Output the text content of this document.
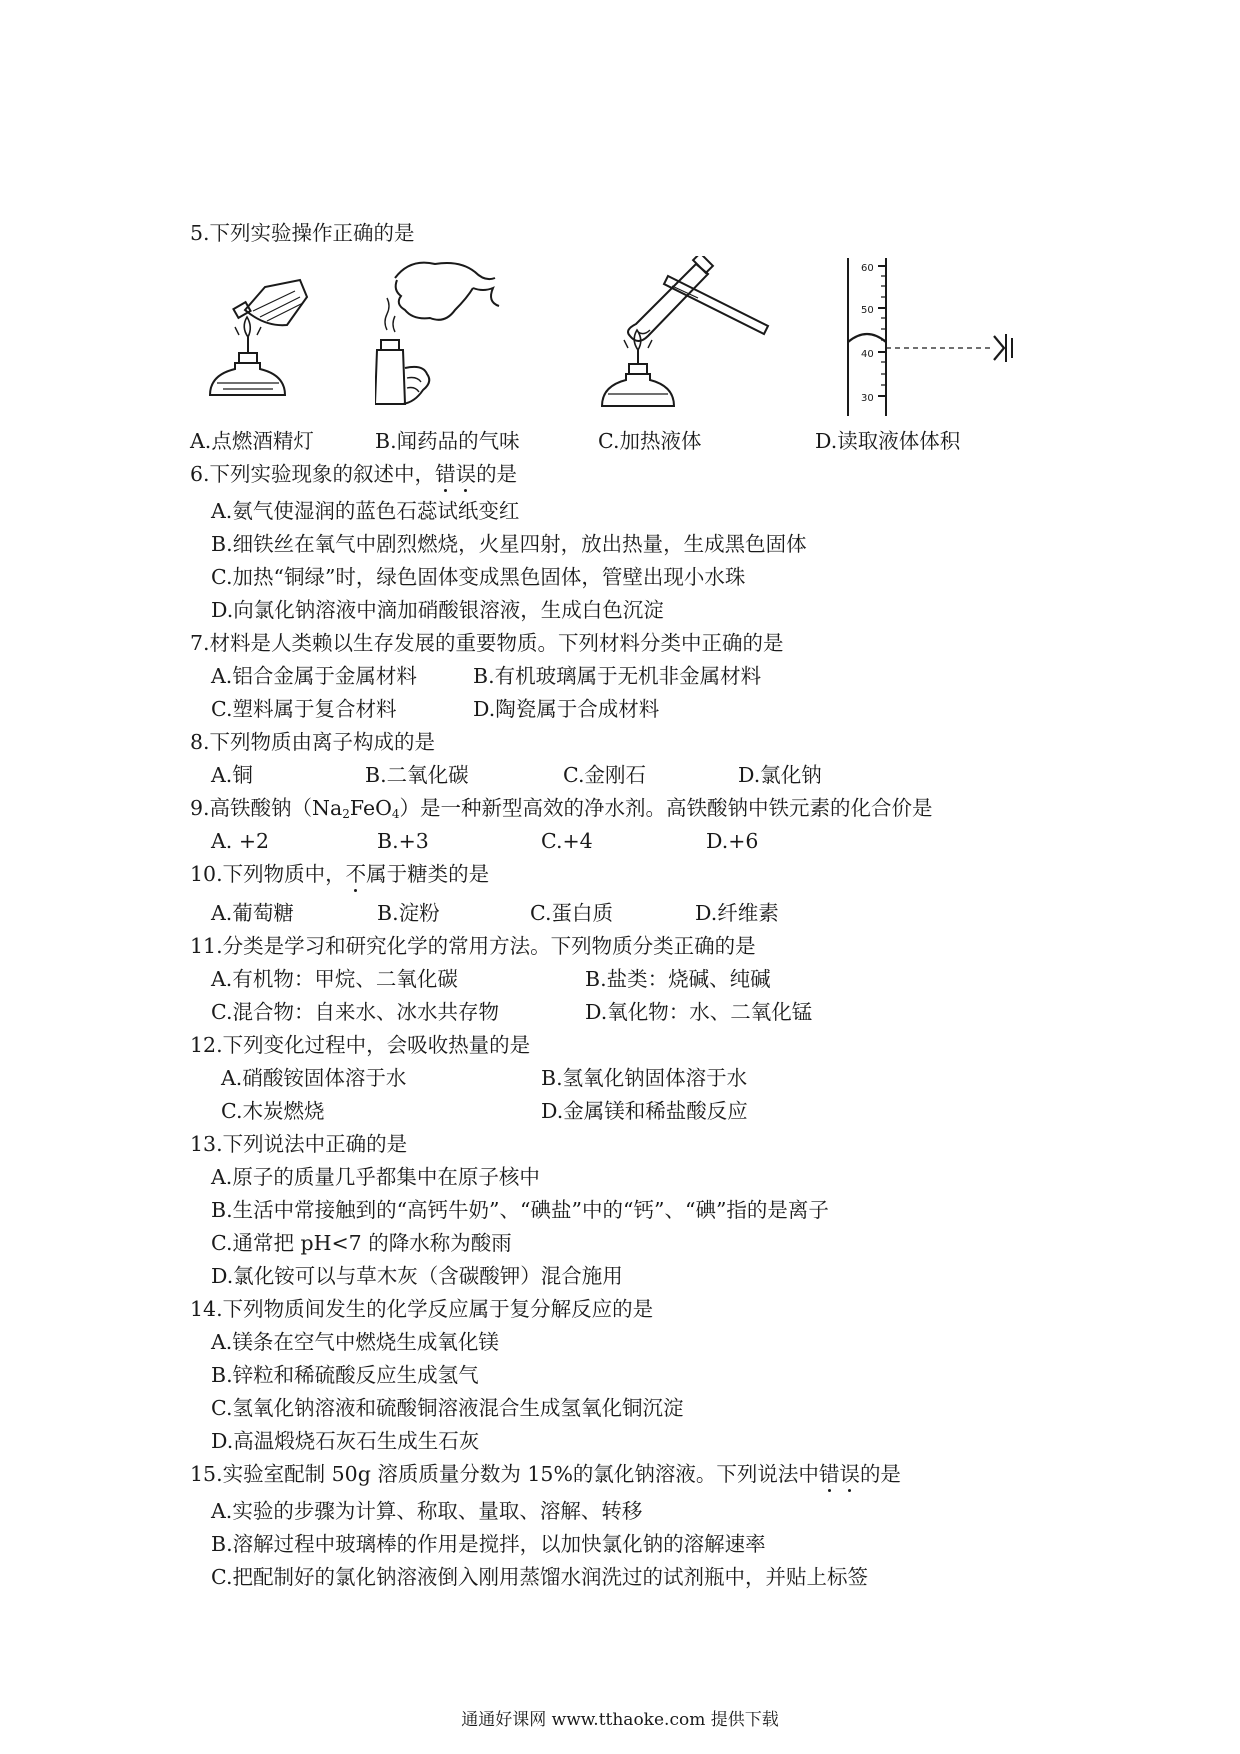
5.下列实验操作正确的是
60
50
40
30
A.点燃酒精灯	B.闻药品的气味	C.加热液体	D.读取液体体积
6.下列实验现象的叙述中，错误的是
A.氨气使湿润的蓝色石蕊试纸变红
B.细铁丝在氧气中剧烈燃烧，火星四射，放出热量，生成黑色固体
C.加热“铜绿”时，绿色固体变成黑色固体，管壁出现小水珠
D.向氯化钠溶液中滴加硝酸银溶液，生成白色沉淀
7.材料是人类赖以生存发展的重要物质。下列材料分类中正确的是
A.铝合金属于金属材料	B.有机玻璃属于无机非金属材料
C.塑料属于复合材料	D.陶瓷属于合成材料
8.下列物质由离子构成的是
A.铜	B.二氧化碳	C.金刚石	D.氯化钠
9.高铁酸钠$(Na_2FeO_4)$是一种新型高效的净水剂。高铁酸钠中铁元素的化合价是
A. +2	B.+3	C.+4	D.+6
10.下列物质中，不属于糖类的是
A.葡萄糖	B.淀粉	C.蛋白质	D.纤维素
11.分类是学习和研究化学的常用方法。下列物质分类正确的是
A.有机物：甲烷、二氧化碳	B.盐类：烧碱、纯碱
C.混合物：自来水、冰水共存物	D.氧化物：水、二氧化锰
12.下列变化过程中，会吸收热量的是
A.硝酸铵固体溶于水	B.氢氧化钠固体溶于水
C.木炭燃烧	D.金属镁和稀盐酸反应
13.下列说法中正确的是
A.原子的质量几乎都集中在原子核中
B.生活中常接触到的“高钙牛奶”、“碘盐”中的“钙”、“碘”指的是离子
C.通常把 pH<7 的降水称为酸雨
D.氯化铵可以与草木灰（含碳酸钾）混合施用
14.下列物质间发生的化学反应属于复分解反应的是
A.镁条在空气中燃烧生成氧化镁
B.锌粒和稀硫酸反应生成氢气
C.氢氧化钠溶液和硫酸铜溶液混合生成氢氧化铜沉淀
D.高温煅烧石灰石生成生石灰
15.实验室配制 50g 溶质质量分数为 15%的氯化钠溶液。下列说法中错误的是
A.实验的步骤为计算、称取、量取、溶解、转移
B.溶解过程中玻璃棒的作用是搅拌，以加快氯化钠的溶解速率
C.把配制好的氯化钠溶液倒入刚用蒸馏水润洗过的试剂瓶中，并贴上标签
通通好课网 www.tthaoke.com 提供下载
